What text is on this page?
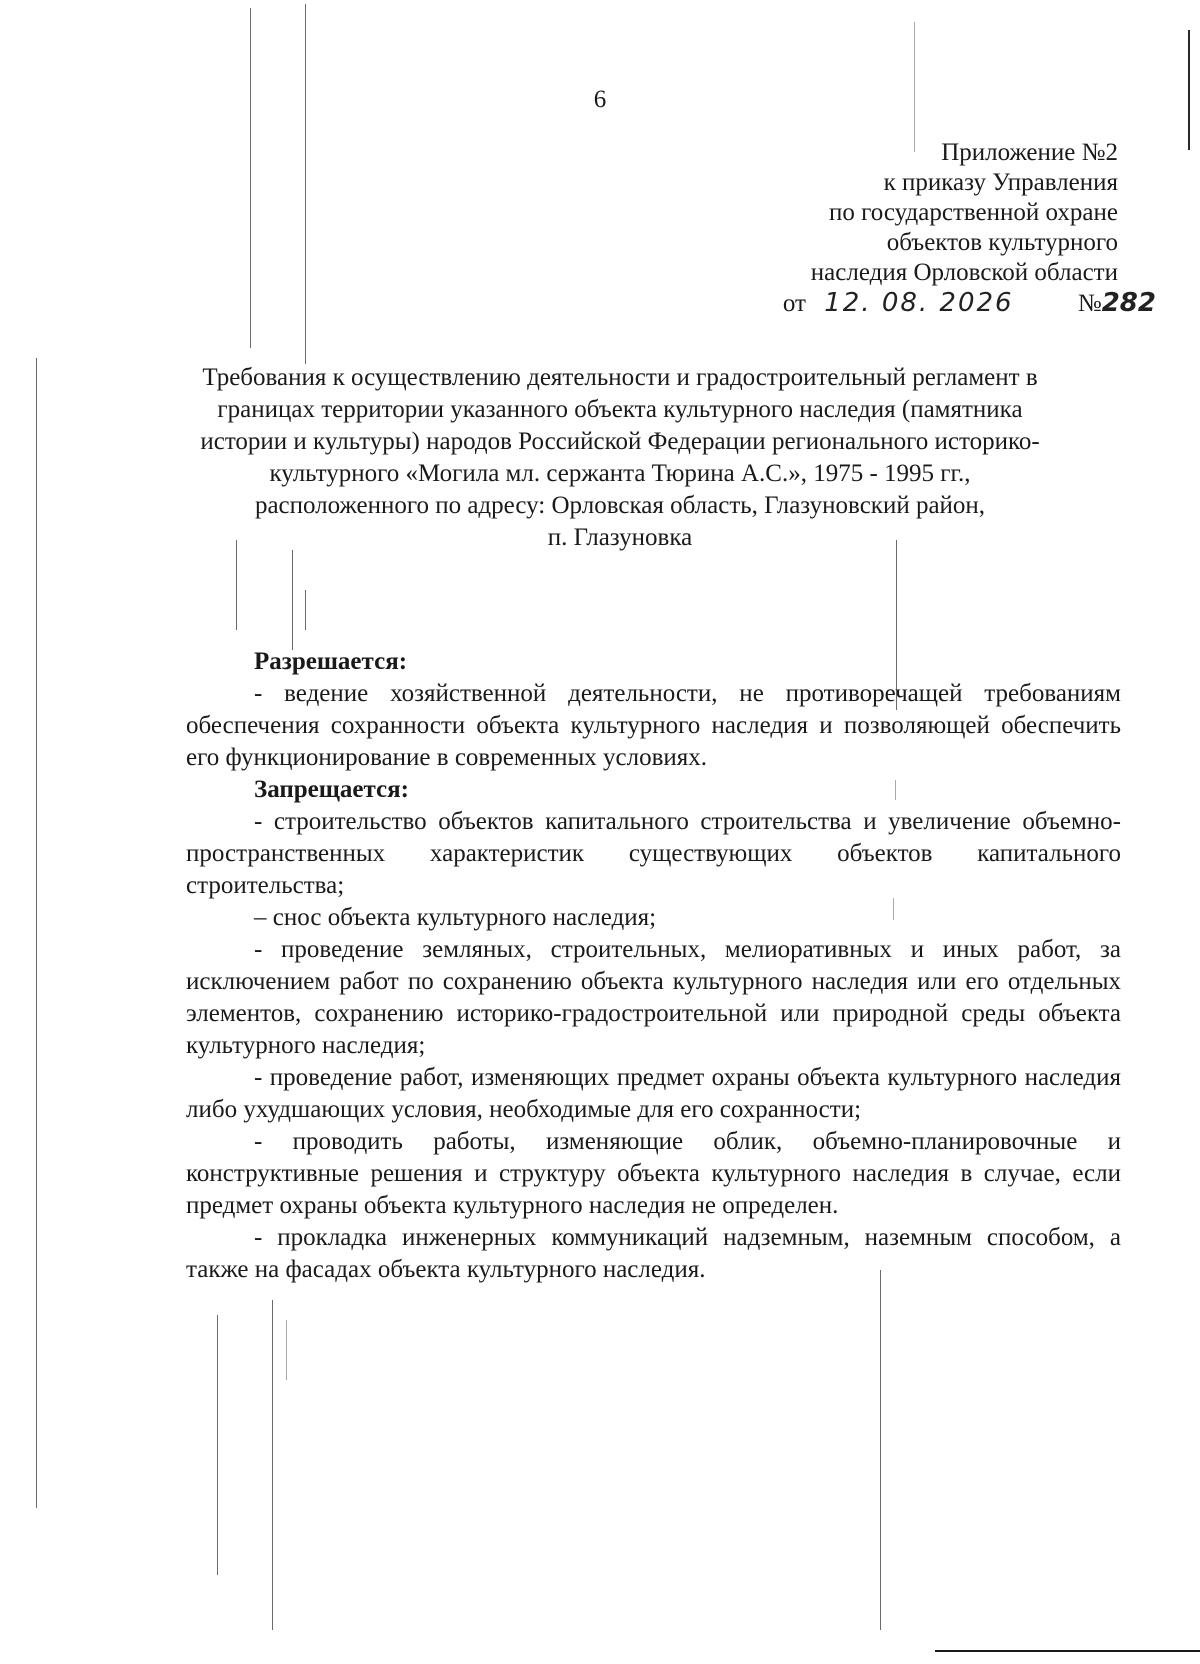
6
Приложение №2
к приказу Управления
по государственной охране
объектов культурного
наследия Орловской области
от 12. 08. 2026	№282
Требования к осуществлению деятельности и градостроительный регламент в
границах территории указанного объекта культурного наследия (памятника
истории и культуры) народов Российской Федерации регионального историко-
культурного «Могила мл. сержанта Тюрина А.С.», 1975 - 1995 гг.,
расположенного по адресу: Орловская область, Глазуновский район,
п. Глазуновка
Разрешается:

- ведение хозяйственной деятельности, не противоречащей требованиям обеспечения сохранности объекта культурного наследия и позволяющей обеспечить его функционирование в современных условиях.

Запрещается:

- строительство объектов капитального строительства и увеличение объемно-пространственных характеристик существующих объектов капитального строительства;

– снос объекта культурного наследия;

- проведение земляных, строительных, мелиоративных и иных работ, за исключением работ по сохранению объекта культурного наследия или его отдельных элементов, сохранению историко-градостроительной или природной среды объекта культурного наследия;

- проведение работ, изменяющих предмет охраны объекта культурного наследия либо ухудшающих условия, необходимые для его сохранности;

- проводить работы, изменяющие облик, объемно-планировочные и конструктивные решения и структуру объекта культурного наследия в случае, если предмет охраны объекта культурного наследия не определен.

- прокладка инженерных коммуникаций надземным, наземным способом, а также на фасадах объекта культурного наследия.
